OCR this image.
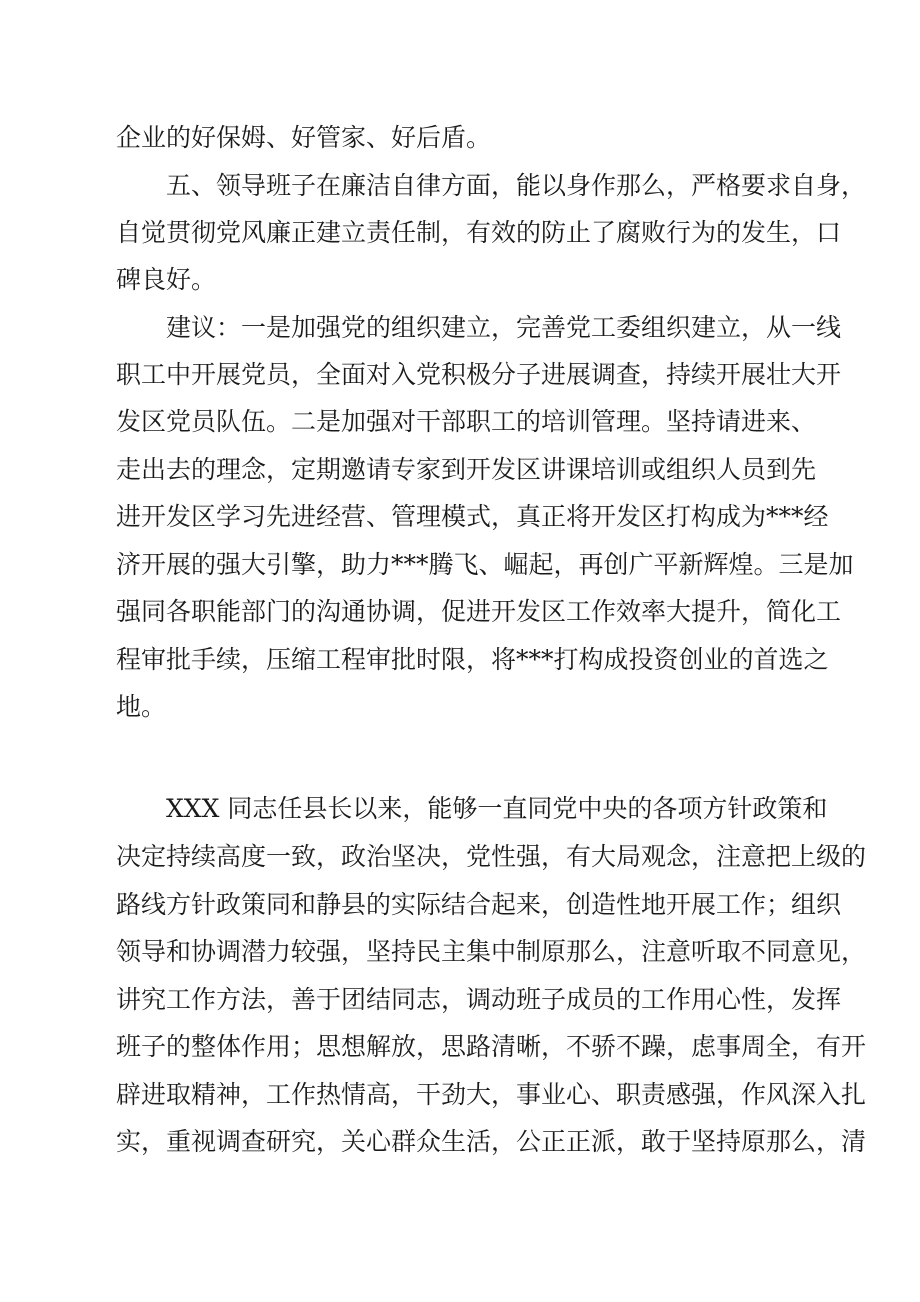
企业的好保姆、好管家、好后盾。
五、领导班子在廉洁自律方面，能以身作那么，严格要求自身，
自觉贯彻党风廉正建立责任制，有效的防止了腐败行为的发生，口
碑良好。
建议：一是加强党的组织建立，完善党工委组织建立，从一线
职工中开展党员，全面对入党积极分子进展调查，持续开展壮大开
发区党员队伍。二是加强对干部职工的培训管理。坚持请进来、
走出去的理念，定期邀请专家到开发区讲课培训或组织人员到先
进开发区学习先进经营、管理模式，真正将开发区打构成为***经
济开展的强大引擎，助力***腾飞、崛起，再创广平新辉煌。三是加
强同各职能部门的沟通协调，促进开发区工作效率大提升，简化工
程审批手续，压缩工程审批时限，将***打构成投资创业的首选之
地。
XXX 同志任县长以来，能够一直同党中央的各项方针政策和
决定持续高度一致，政治坚决，党性强，有大局观念，注意把上级的
路线方针政策同和静县的实际结合起来，创造性地开展工作；组织
领导和协调潜力较强，坚持民主集中制原那么，注意听取不同意见，
讲究工作方法，善于团结同志，调动班子成员的工作用心性，发挥
班子的整体作用；思想解放，思路清晰，不骄不躁，虑事周全，有开
辟进取精神，工作热情高，干劲大，事业心、职责感强，作风深入扎
实，重视调查研究，关心群众生活，公正正派，敢于坚持原那么，清
